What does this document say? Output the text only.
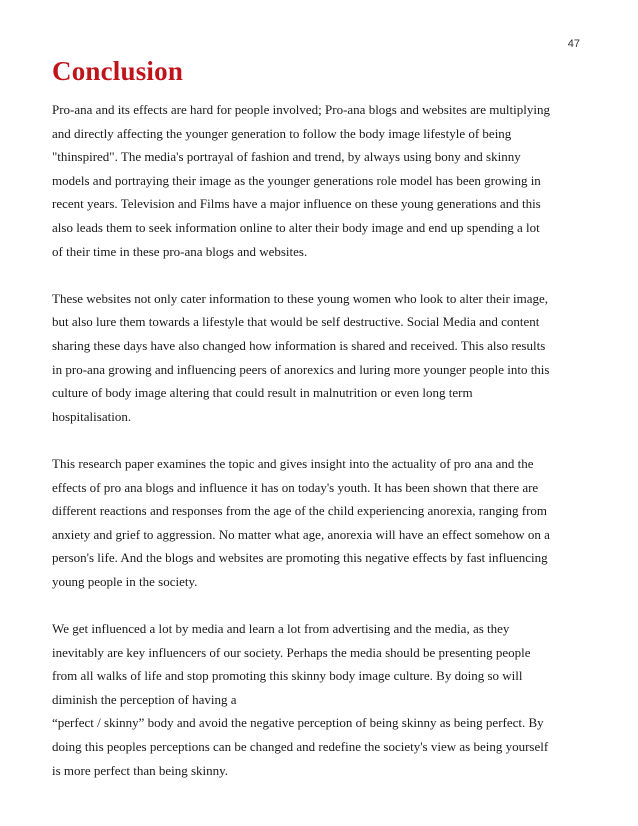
47
Conclusion

Pro-ana and its effects are hard for people involved; Pro-ana blogs and websites are multiplying
and directly affecting the younger generation to follow the body image lifestyle of being
"thinspired". The media's portrayal of fashion and trend, by always using bony and skinny
models and portraying their image as the younger generations role model has been growing in
recent years. Television and Films have a major influence on these young generations and this
also leads them to seek information online to alter their body image and end up spending a lot
of their time in these pro-ana blogs and websites.

These websites not only cater information to these young women who look to alter their image,
but also lure them towards a lifestyle that would be self destructive. Social Media and content
sharing these days have also changed how information is shared and received. This also results
in pro-ana growing and influencing peers of anorexics and luring more younger people into this
culture of body image altering that could result in malnutrition or even long term
hospitalisation.

This research paper examines the topic and gives insight into the actuality of pro ana and the
effects of pro ana blogs and influence it has on today's youth. It has been shown that there are
different reactions and responses from the age of the child experiencing anorexia, ranging from
anxiety and grief to aggression. No matter what age, anorexia will have an effect somehow on a
person's life. And the blogs and websites are promoting this negative effects by fast influencing
young people in the society.

We get influenced a lot by media and learn a lot from advertising and the media, as they
inevitably are key influencers of our society. Perhaps the media should be presenting people
from all walks of life and stop promoting this skinny body image culture. By doing so will
diminish the perception of having a
“perfect / skinny” body and avoid the negative perception of being skinny as being perfect. By
doing this peoples perceptions can be changed and redefine the society's view as being yourself
is more perfect than being skinny.
